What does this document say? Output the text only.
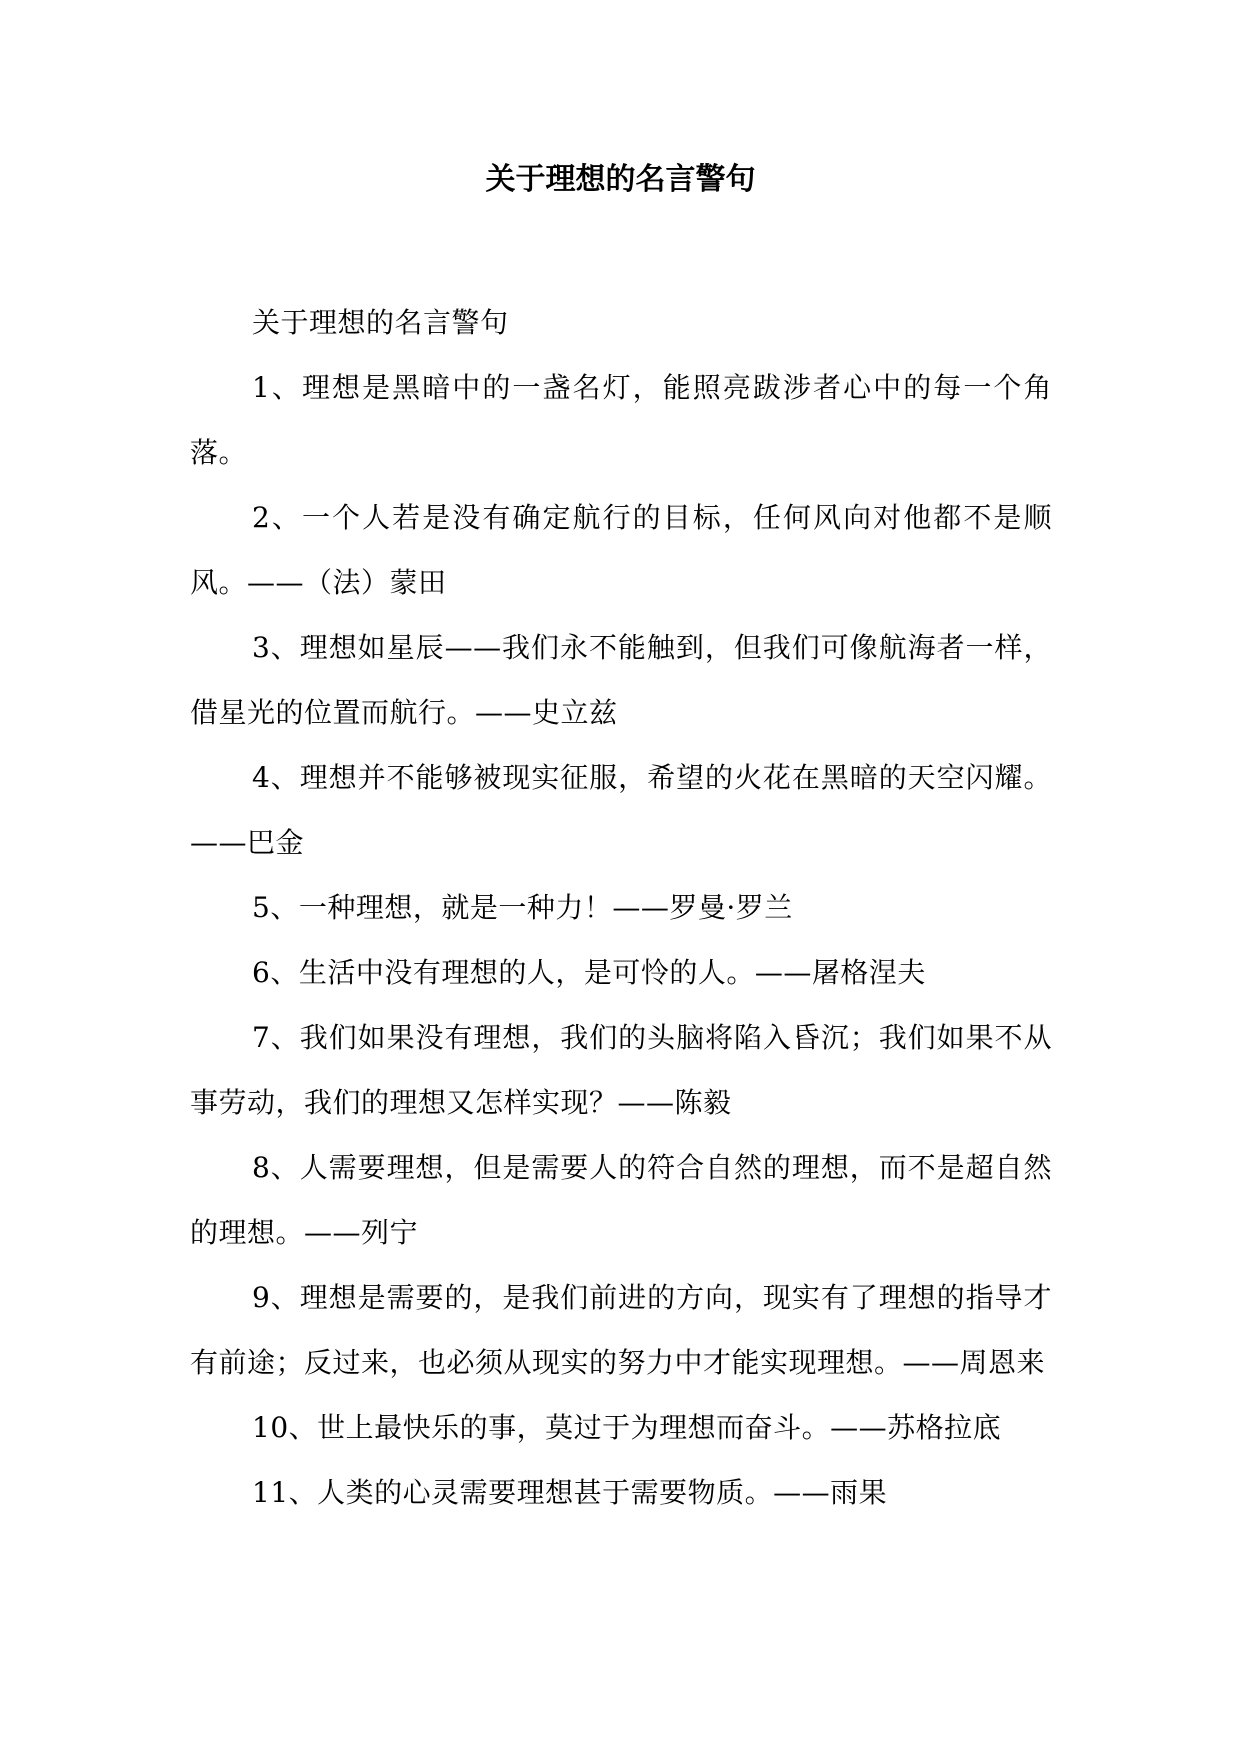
关于理想的名言警句

关于理想的名言警句

1、理想是黑暗中的一盏名灯，能照亮跋涉者心中的每一个角落。

2、一个人若是没有确定航行的目标，任何风向对他都不是顺风。——（法）蒙田

3、理想如星辰——我们永不能触到，但我们可像航海者一样，借星光的位置而航行。——史立兹

4、理想并不能够被现实征服，希望的火花在黑暗的天空闪耀。——巴金

5、一种理想，就是一种力！——罗曼·罗兰

6、生活中没有理想的人，是可怜的人。——屠格涅夫

7、我们如果没有理想，我们的头脑将陷入昏沉；我们如果不从事劳动，我们的理想又怎样实现？——陈毅

8、人需要理想，但是需要人的符合自然的理想，而不是超自然的理想。——列宁

9、理想是需要的，是我们前进的方向，现实有了理想的指导才有前途；反过来，也必须从现实的努力中才能实现理想。——周恩来

10、世上最快乐的事，莫过于为理想而奋斗。——苏格拉底

11、人类的心灵需要理想甚于需要物质。——雨果
